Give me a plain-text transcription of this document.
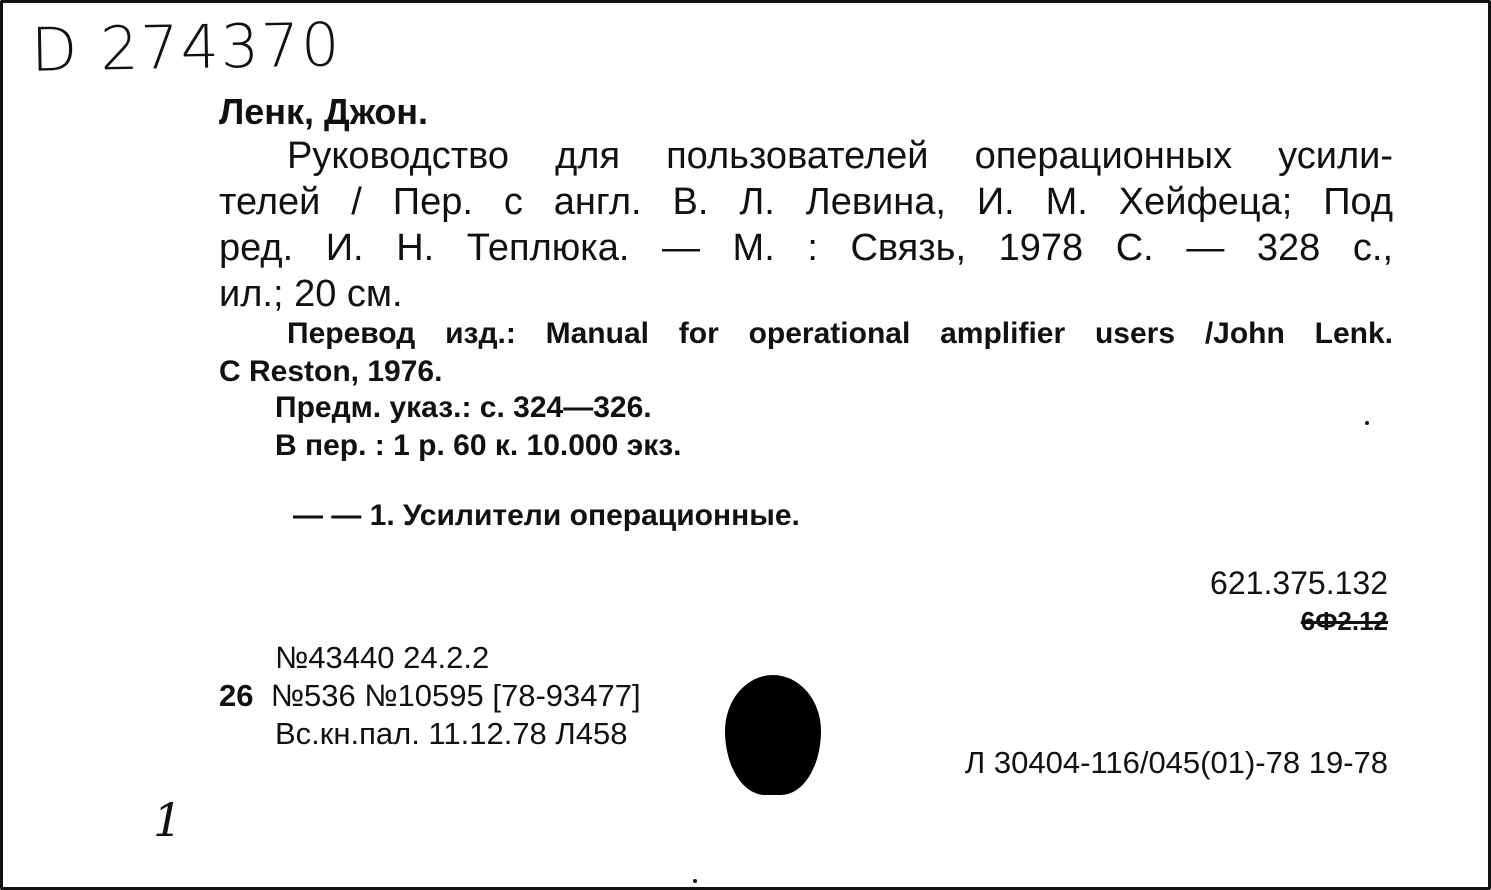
D 274370
Ленк, Джон.
Руководство для пользователей операционных усили-
телей / Пер. с англ. В. Л. Левина, И. М. Хейфеца; Под
ред. И. Н. Теплюка. — М. : Связь, 1978 С. — 328 с.,
ил.; 20 см.
Перевод изд.: Manual for operational amplifier users /John Lenk.
C Reston, 1976.
Предм. указ.: с. 324—326.
В пер. : 1 р. 60 к. 10.000 экз.
— — 1. Усилители операционные.
621.375.132
6Ф2.12
№43440 24.2.2
26 №536 №10595 [78-93477]
Вс.кн.пал. 11.12.78 Л458
Л 30404-116/045(01)-78 19-78
1
